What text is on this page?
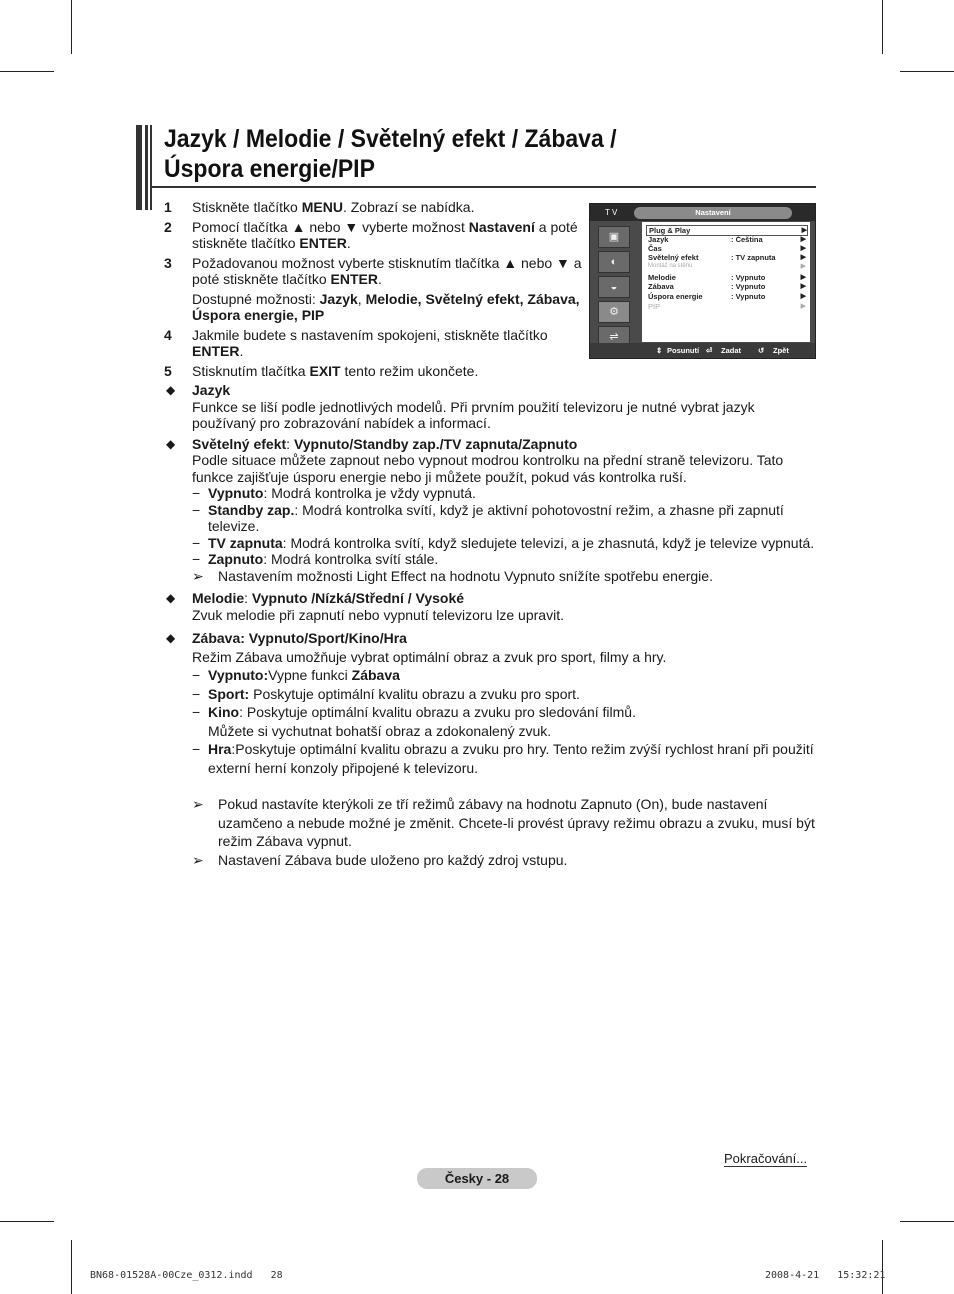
Jazyk / Melodie / Světelný efekt / Zábava /
Úspora energie/PIP
1 Stiskněte tlačítko MENU. Zobrazí se nabídka.
2 Pomocí tlačítka ▲ nebo ▼ vyberte možnost Nastavení a poté stiskněte tlačítko ENTER.
3 Požadovanou možnost vyberte stisknutím tlačítka ▲ nebo ▼ a poté stiskněte tlačítko ENTER.
Dostupné možnosti: Jazyk, Melodie, Světelný efekt, Zábava, Úspora energie, PIP
4 Jakmile budete s nastavením spokojeni, stiskněte tlačítko ENTER.
5 Stisknutím tlačítka EXIT tento režim ukončete.
◆ Jazyk
Funkce se liší podle jednotlivých modelů. Při prvním použití televizoru je nutné vybrat jazyk používaný pro zobrazování nabídek a informací.
◆ Světelný efekt: Vypnuto/Standby zap./TV zapnuta/Zapnuto
Podle situace můžete zapnout nebo vypnout modrou kontrolku na přední straně televizoru. Tato funkce zajišťuje úsporu energie nebo ji můžete použít, pokud vás kontrolka ruší.
− Vypnuto: Modrá kontrolka je vždy vypnutá.
− Standby zap.: Modrá kontrolka svítí, když je aktivní pohotovostní režim, a zhasne při zapnutí televize.
− TV zapnuta: Modrá kontrolka svítí, když sledujete televizi, a je zhasnutá, když je televize vypnutá.
− Zapnuto: Modrá kontrolka svítí stále.
➢ Nastavením možnosti Light Effect na hodnotu Vypnuto snížíte spotřebu energie.
◆ Melodie: Vypnuto /Nízká/Střední / Vysoké
Zvuk melodie při zapnutí nebo vypnutí televizoru lze upravit.
◆ Zábava: Vypnuto/Sport/Kino/Hra
Režim Zábava umožňuje vybrat optimální obraz a zvuk pro sport, filmy a hry.
− Vypnuto:Vypne funkci Zábava
− Sport: Poskytuje optimální kvalitu obrazu a zvuku pro sport.
− Kino: Poskytuje optimální kvalitu obrazu a zvuku pro sledování filmů.
Můžete si vychutnat bohatší obraz a zdokonalený zvuk.
− Hra:Poskytuje optimální kvalitu obrazu a zvuku pro hry. Tento režim zvýší rychlost hraní při použití externí herní konzoly připojené k televizoru.
➢ Pokud nastavíte kterýkoli ze tří režimů zábavy na hodnotu Zapnuto (On), bude nastavení uzamčeno a nebude možné je změnit. Chcete-li provést úpravy režimu obrazu a zvuku, musí být režim Zábava vypnut.
➢ Nastavení Zábava bude uloženo pro každý zdroj vstupu.
T V	Nastavení
▣
◐
◒
⚙
⇌
Plug & Play	▶
Jazyk	: Čeština	▶
Čas	▶
Světelný efekt	: TV zapnuta	▶
Montáž na stěnu	▶
Melodie	: Vypnuto	▶
Zábava	: Vypnuto	▶
Úspora energie	: Vypnuto	▶
PIP	▶
⇕ Posunutí ⏎ Zadat ↺ Zpět
Pokračování...
Česky - 28
BN68-01528A-00Cze_0312.indd   28	2008-4-21   15:32:21
